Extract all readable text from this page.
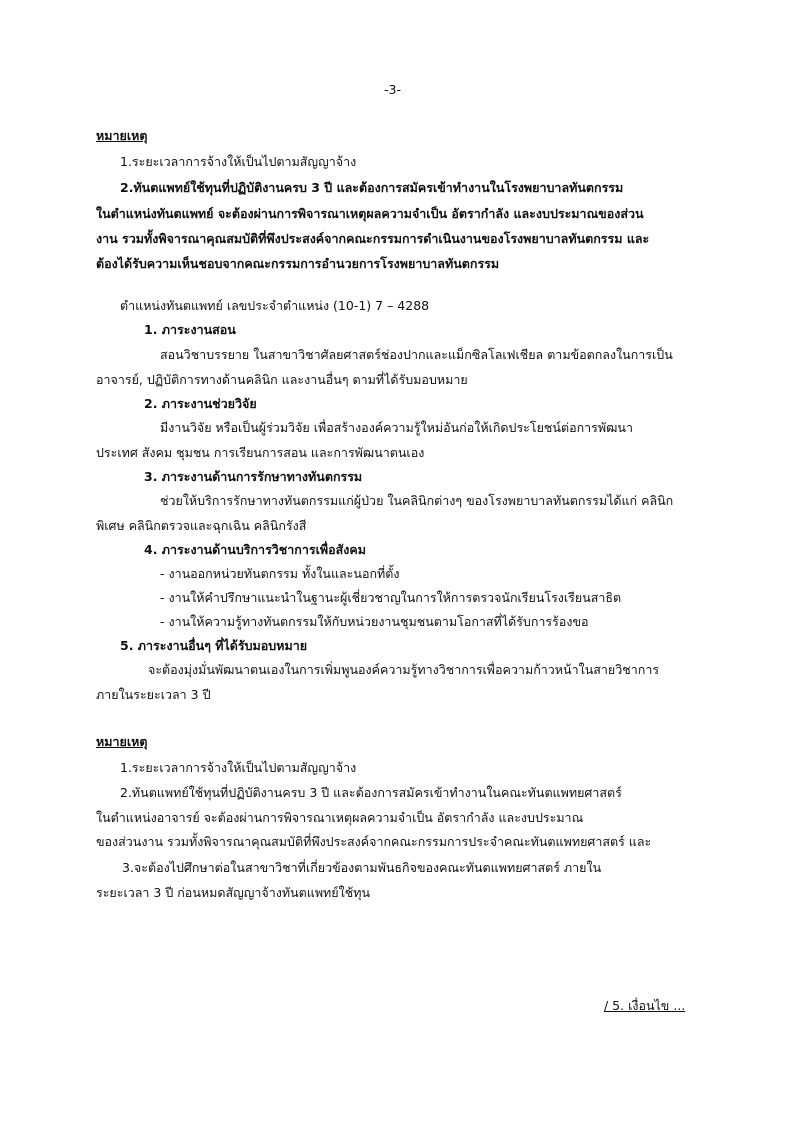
-3-
หมายเหตุ
1.ระยะเวลาการจ้างให้เป็นไปตามสัญญาจ้าง
2.ทันตแพทย์ใช้ทุนที่ปฏิบัติงานครบ 3 ปี และต้องการสมัครเข้าทำงานในโรงพยาบาลทันตกรรม
ในตำแหน่งทันตแพทย์ จะต้องผ่านการพิจารณาเหตุผลความจำเป็น อัตรากำลัง และงบประมาณของส่วน
งาน รวมทั้งพิจารณาคุณสมบัติที่พึงประสงค์จากคณะกรรมการดำเนินงานของโรงพยาบาลทันตกรรม และ
ต้องได้รับความเห็นชอบจากคณะกรรมการอำนวยการโรงพยาบาลทันตกรรม
ตำแหน่งทันตแพทย์ เลขประจำตำแหน่ง (10-1) 7 – 4288
1. ภาระงานสอน
สอนวิชาบรรยาย ในสาขาวิชาศัลยศาสตร์ช่องปากและแม็กซิลโลเฟเชียล ตามข้อตกลงในการเป็น
อาจารย์, ปฏิบัติการทางด้านคลินิก และงานอื่นๆ ตามที่ได้รับมอบหมาย
2. ภาระงานช่วยวิจัย
มีงานวิจัย หรือเป็นผู้ร่วมวิจัย เพื่อสร้างองค์ความรู้ใหม่อันก่อให้เกิดประโยชน์ต่อการพัฒนา
ประเทศ สังคม ชุมชน การเรียนการสอน และการพัฒนาตนเอง
3. ภาระงานด้านการรักษาทางทันตกรรม
ช่วยให้บริการรักษาทางทันตกรรมแก่ผู้ป่วย ในคลินิกต่างๆ ของโรงพยาบาลทันตกรรมได้แก่ คลินิก
พิเศษ คลินิกตรวจและฉุกเฉิน คลินิกรังสี
4. ภาระงานด้านบริการวิชาการเพื่อสังคม
- งานออกหน่วยทันตกรรม ทั้งในและนอกที่ตั้ง
- งานให้คำปรึกษาแนะนำในฐานะผู้เชี่ยวชาญในการให้การตรวจนักเรียนโรงเรียนสาธิต
- งานให้ความรู้ทางทันตกรรมให้กับหน่วยงานชุมชนตามโอกาสที่ได้รับการร้องขอ
5. ภาระงานอื่นๆ ที่ได้รับมอบหมาย
จะต้องมุ่งมั่นพัฒนาตนเองในการเพิ่มพูนองค์ความรู้ทางวิชาการเพื่อความก้าวหน้าในสายวิชาการ
ภายในระยะเวลา 3 ปี
หมายเหตุ
1.ระยะเวลาการจ้างให้เป็นไปตามสัญญาจ้าง
2.ทันตแพทย์ใช้ทุนที่ปฏิบัติงานครบ 3 ปี และต้องการสมัครเข้าทำงานในคณะทันตแพทยศาสตร์
ในตำแหน่งอาจารย์ จะต้องผ่านการพิจารณาเหตุผลความจำเป็น อัตรากำลัง และงบประมาณ
ของส่วนงาน รวมทั้งพิจารณาคุณสมบัติที่พึงประสงค์จากคณะกรรมการประจำคณะทันตแพทยศาสตร์ และ
3.จะต้องไปศึกษาต่อในสาขาวิชาที่เกี่ยวข้องตามพันธกิจของคณะทันตแพทยศาสตร์ ภายใน
ระยะเวลา 3 ปี ก่อนหมดสัญญาจ้างทันตแพทย์ใช้ทุน
/ 5. เงื่อนไข ...
